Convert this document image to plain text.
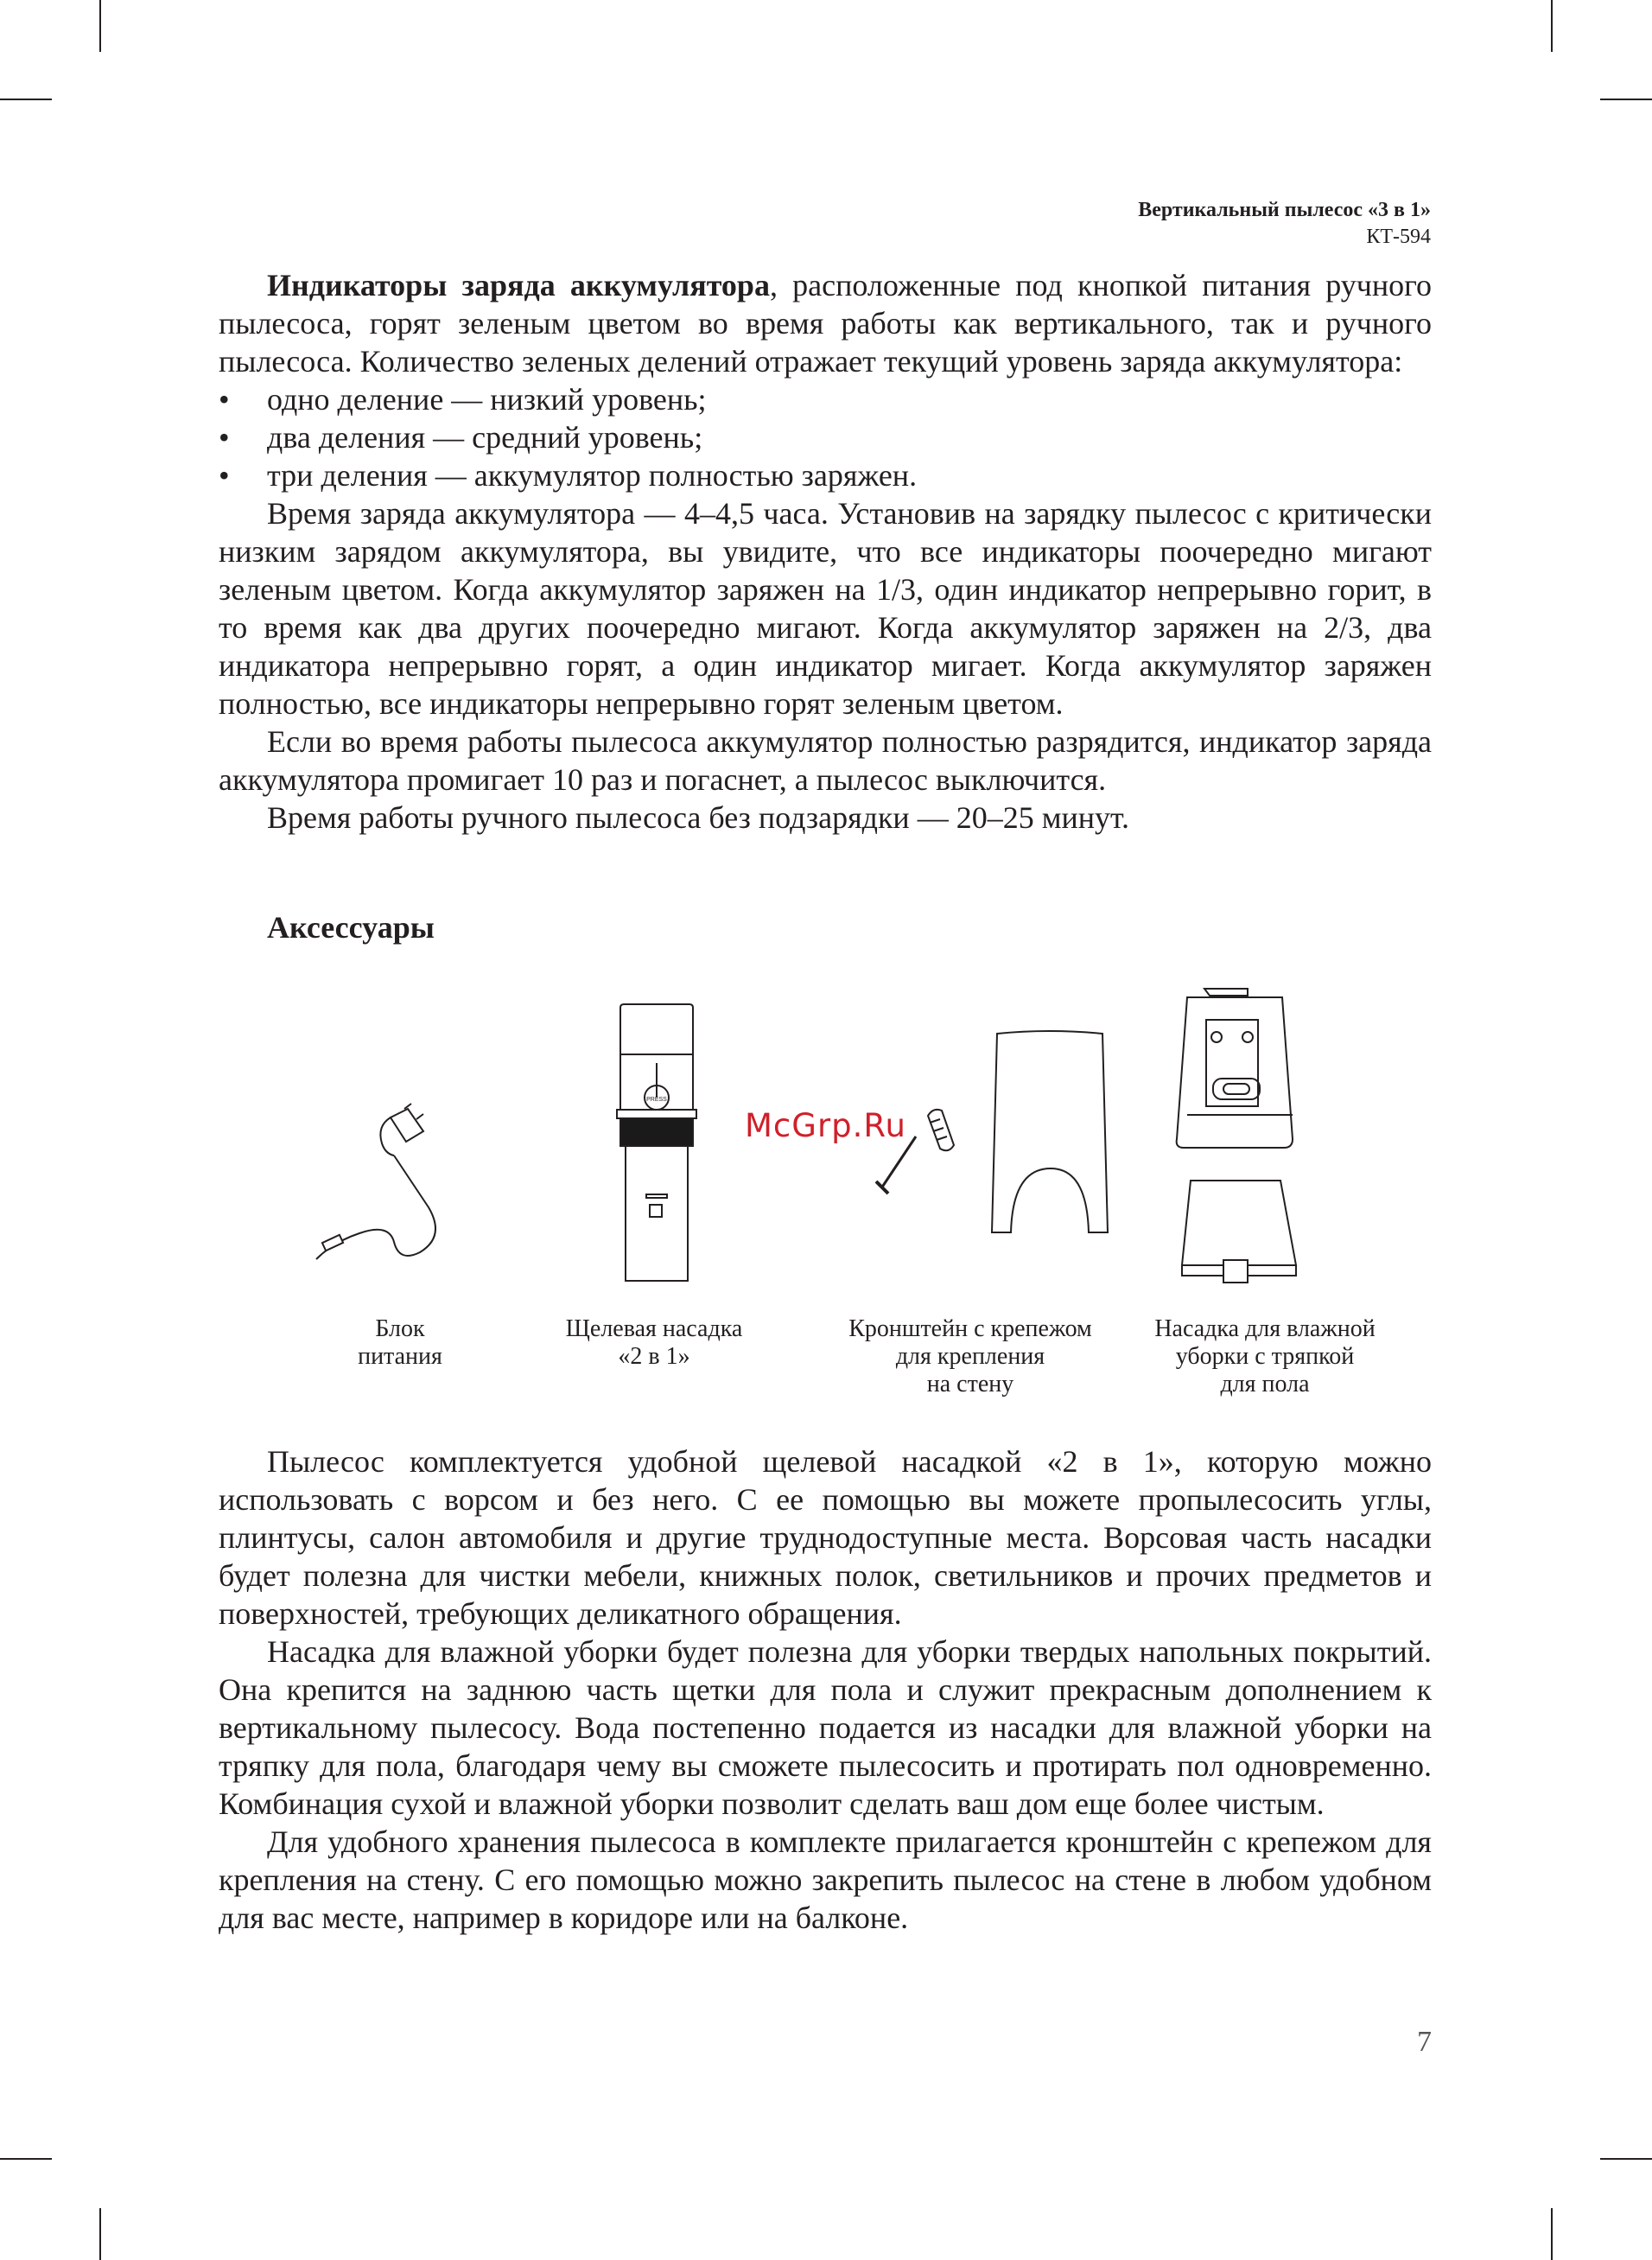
Вертикальный пылесос «3 в 1»
КТ-594

Индикаторы заряда аккумулятора, расположенные под кнопкой питания ручного пылесоса, горят зеленым цветом во время работы как вертикального, так и ручного пылесоса. Количество зеленых делений отражает текущий уровень заряда аккумулятора:

• одно деление — низкий уровень;
• два деления — средний уровень;
• три деления — аккумулятор полностью заряжен.

Время заряда аккумулятора — 4–4,5 часа. Установив на зарядку пылесос с критически низким зарядом аккумулятора, вы увидите, что все индикаторы поочередно мигают зеленым цветом. Когда аккумулятор заряжен на 1/3, один индикатор непрерывно горит, в то время как два других поочередно мигают. Когда аккумулятор заряжен на 2/3, два индикатора непрерывно горят, а один индикатор мигает. Когда аккумулятор заряжен полностью, все индикаторы непрерывно горят зеленым цветом.

Если во время работы пылесоса аккумулятор полностью разрядится, индикатор заряда аккумулятора промигает 10 раз и погаснет, а пылесос выключится.

Время работы ручного пылесоса без подзарядки — 20–25 минут.

Аксессуары
PRESS
McGrp.Ru
Блок
питания
Щелевая насадка
«2 в 1»
Кронштейн с крепежом
для крепления
на стену
Насадка для влажной
уборки с тряпкой
для пола

Пылесос комплектуется удобной щелевой насадкой «2 в 1», которую можно использовать с ворсом и без него. С ее помощью вы можете пропылесосить углы, плинтусы, салон автомобиля и другие труднодоступные места. Ворсовая часть насадки будет полезна для чистки мебели, книжных полок, светильников и прочих предметов и поверхностей, требующих деликатного обращения.

Насадка для влажной уборки будет полезна для уборки твердых напольных покрытий. Она крепится на заднюю часть щетки для пола и служит прекрасным дополнением к вертикальному пылесосу. Вода постепенно подается из насадки для влажной уборки на тряпку для пола, благодаря чему вы сможете пылесосить и протирать пол одновременно. Комбинация сухой и влажной уборки позволит сделать ваш дом еще более чистым.

Для удобного хранения пылесоса в комплекте прилагается кронштейн с крепежом для крепления на стену. С его помощью можно закрепить пылесос на стене в любом удобном для вас месте, например в коридоре или на балконе.

7
